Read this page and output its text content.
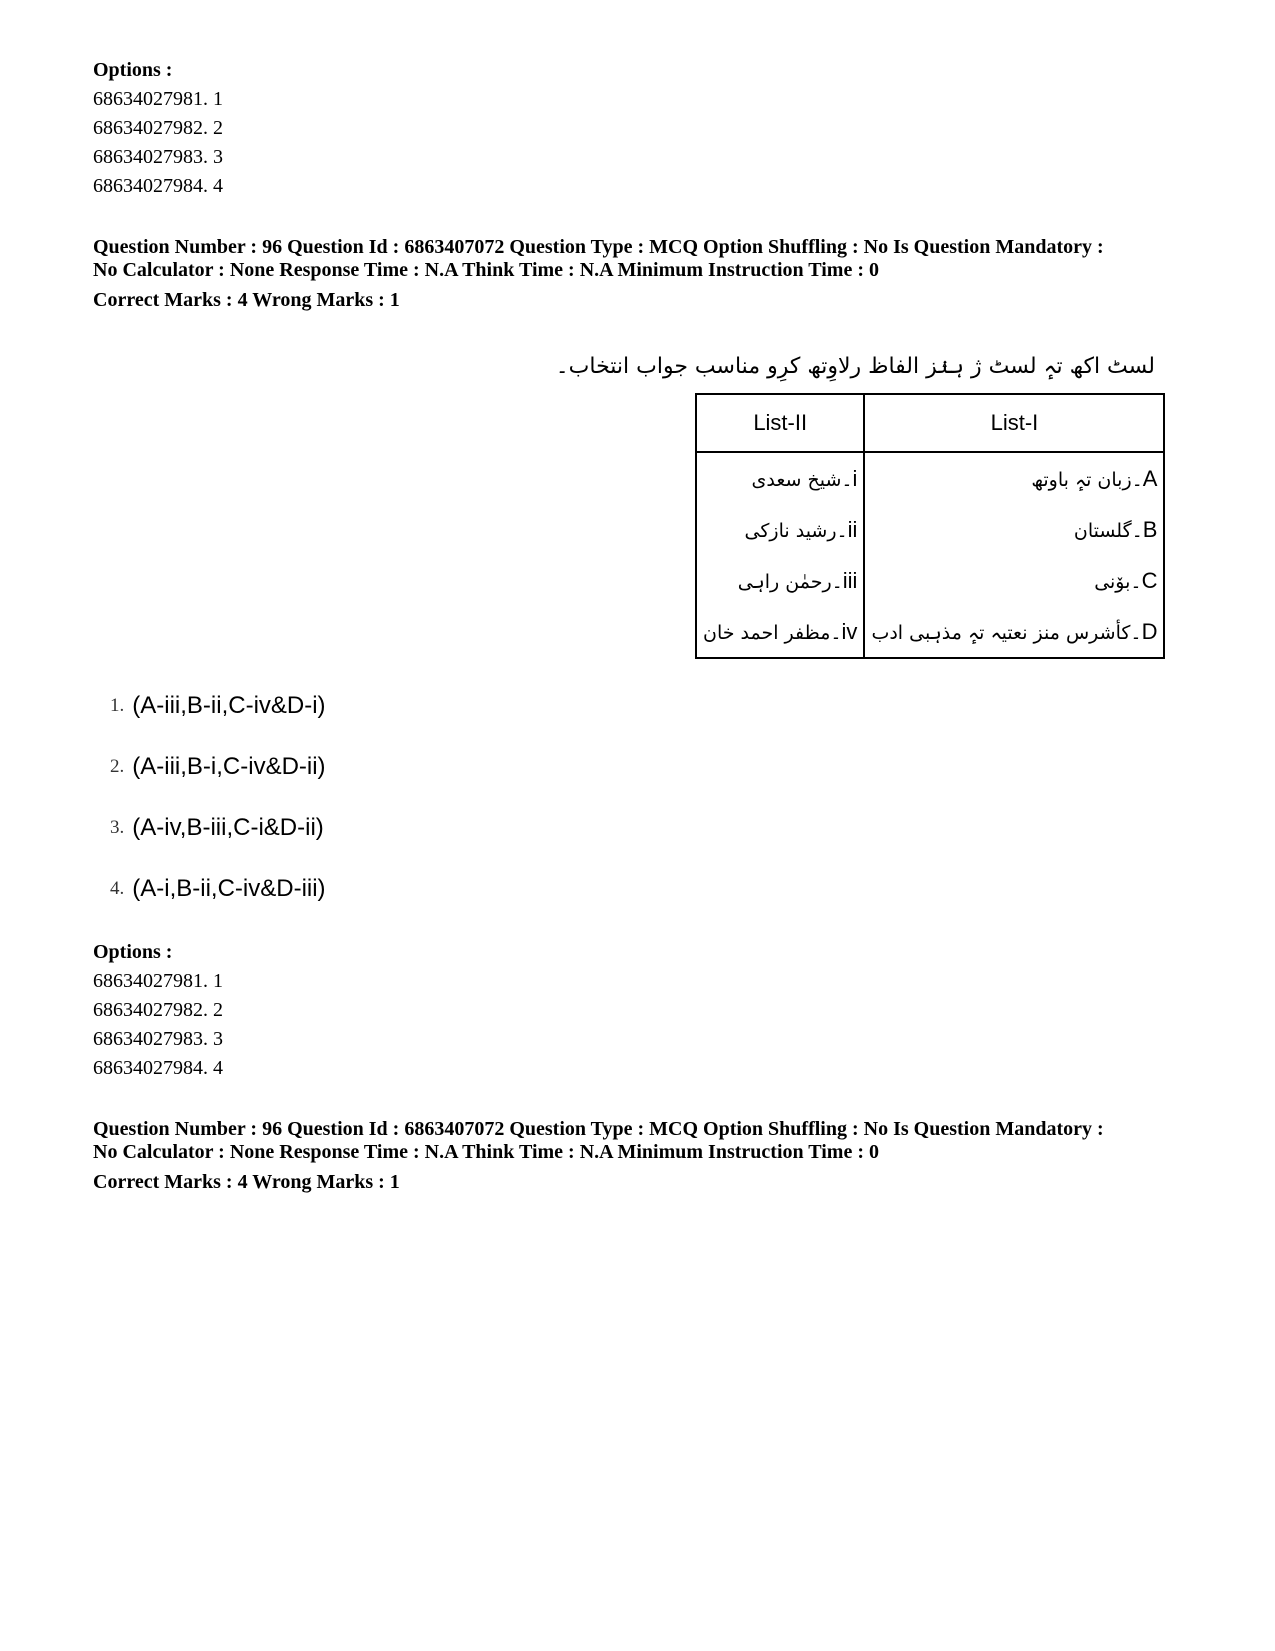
Options :
68634027981. 1
68634027982. 2
68634027983. 3
68634027984. 4
Question Number : 96 Question Id : 6863407072 Question Type : MCQ Option Shuffling : No Is Question Mandatory :
No Calculator : None Response Time : N.A Think Time : N.A Minimum Instruction Time : 0
Correct Marks : 4 Wrong Marks : 1
لسٹ اکھ تہٕ لسٹ ژ ہنٛز الفاظ رلاوِتھ کرِو مناسب جواب انتخاب۔
List-II	List-I
۔شیخ سعدیi	۔زبان تہٕ باوتھA
۔رشید نازکیii	۔گلستانB
۔رحمٰن راہیiii	۔بوٚنیC
۔مظفر احمد خانiv	۔کأشرس منز نعتیہ تہٕ مذہبی ادبD
1. (A-iii,B-ii,C-iv&D-i)
2. (A-iii,B-i,C-iv&D-ii)
3. (A-iv,B-iii,C-i&D-ii)
4. (A-i,B-ii,C-iv&D-iii)
Options :
68634027981. 1
68634027982. 2
68634027983. 3
68634027984. 4
Question Number : 96 Question Id : 6863407072 Question Type : MCQ Option Shuffling : No Is Question Mandatory :
No Calculator : None Response Time : N.A Think Time : N.A Minimum Instruction Time : 0
Correct Marks : 4 Wrong Marks : 1
